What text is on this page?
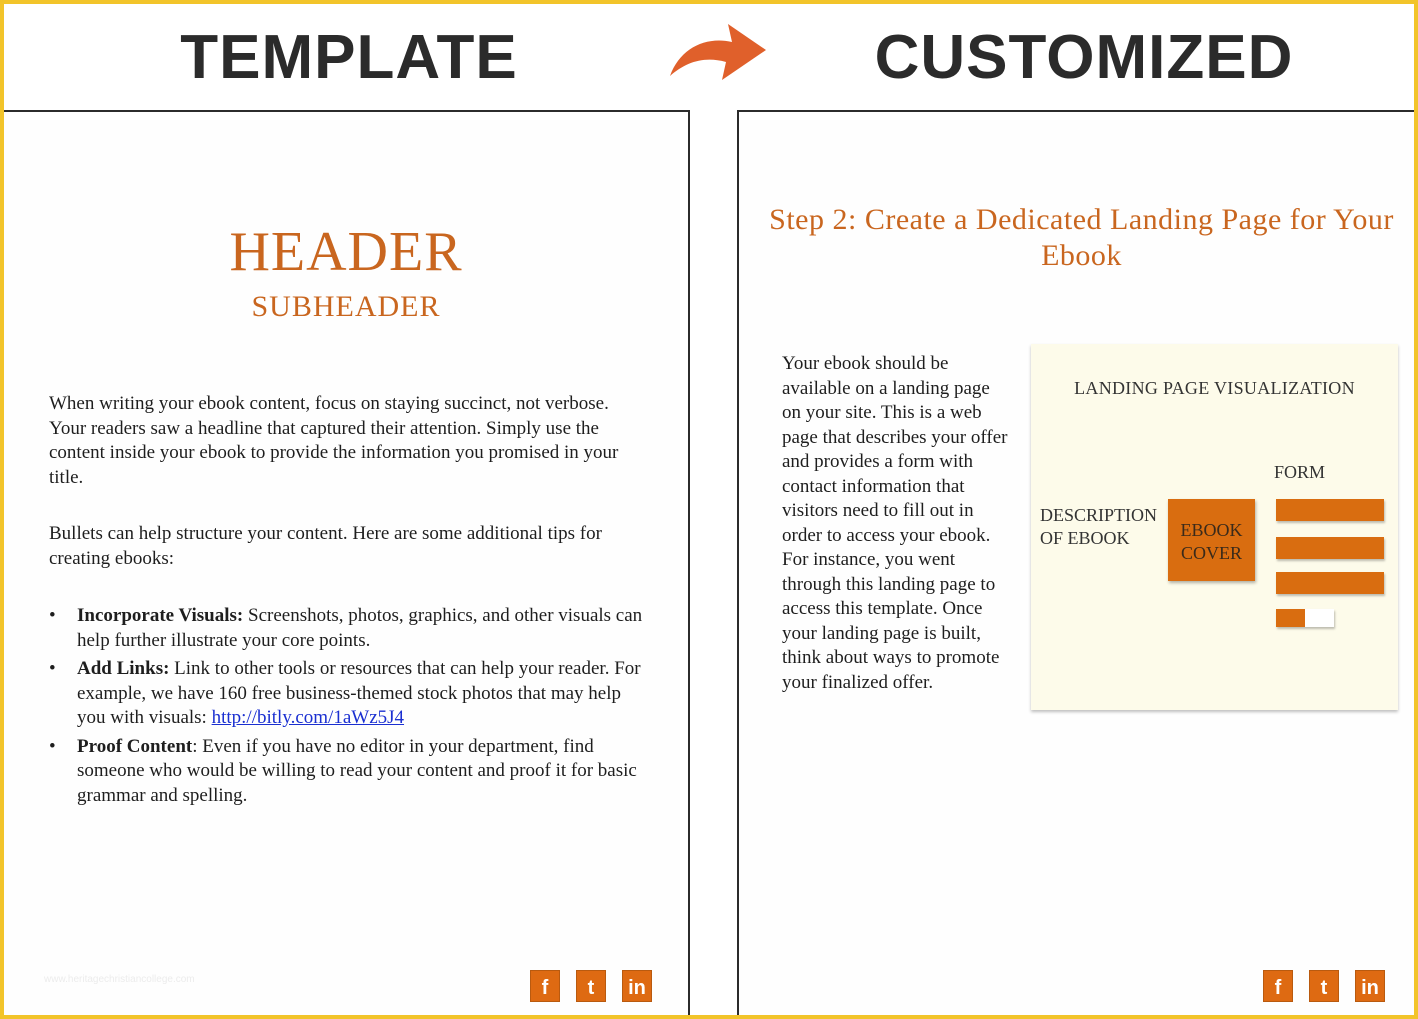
TEMPLATE	CUSTOMIZED
HEADER
SUBHEADER
When writing your ebook content, focus on staying succinct, not verbose. Your readers saw a headline that captured their attention. Simply use the content inside your ebook to provide the information you promised in your title.
Bullets can help structure your content. Here are some additional tips for creating ebooks:
• Incorporate Visuals: Screenshots, photos, graphics, and other visuals can help further illustrate your core points.
• Add Links: Link to other tools or resources that can help your reader. For example, we have 160 free business-themed stock photos that may help you with visuals: http://bitly.com/1aWz5J4
• Proof Content: Even if you have no editor in your department, find someone who would be willing to read your content and proof it for basic grammar and spelling.
www.heritagechristiancollege.com	f	t	in
Step 2: Create a Dedicated Landing Page for Your Ebook
Your ebook should be available on a landing page on your site. This is a web page that describes your offer and provides a form with contact information that visitors need to fill out in order to access your ebook. For instance, you went through this landing page to access this template. Once your landing page is built, think about ways to promote your finalized offer.
LANDING PAGE VISUALIZATION
FORM
DESCRIPTION OF EBOOK	EBOOK COVER
f	t	in
